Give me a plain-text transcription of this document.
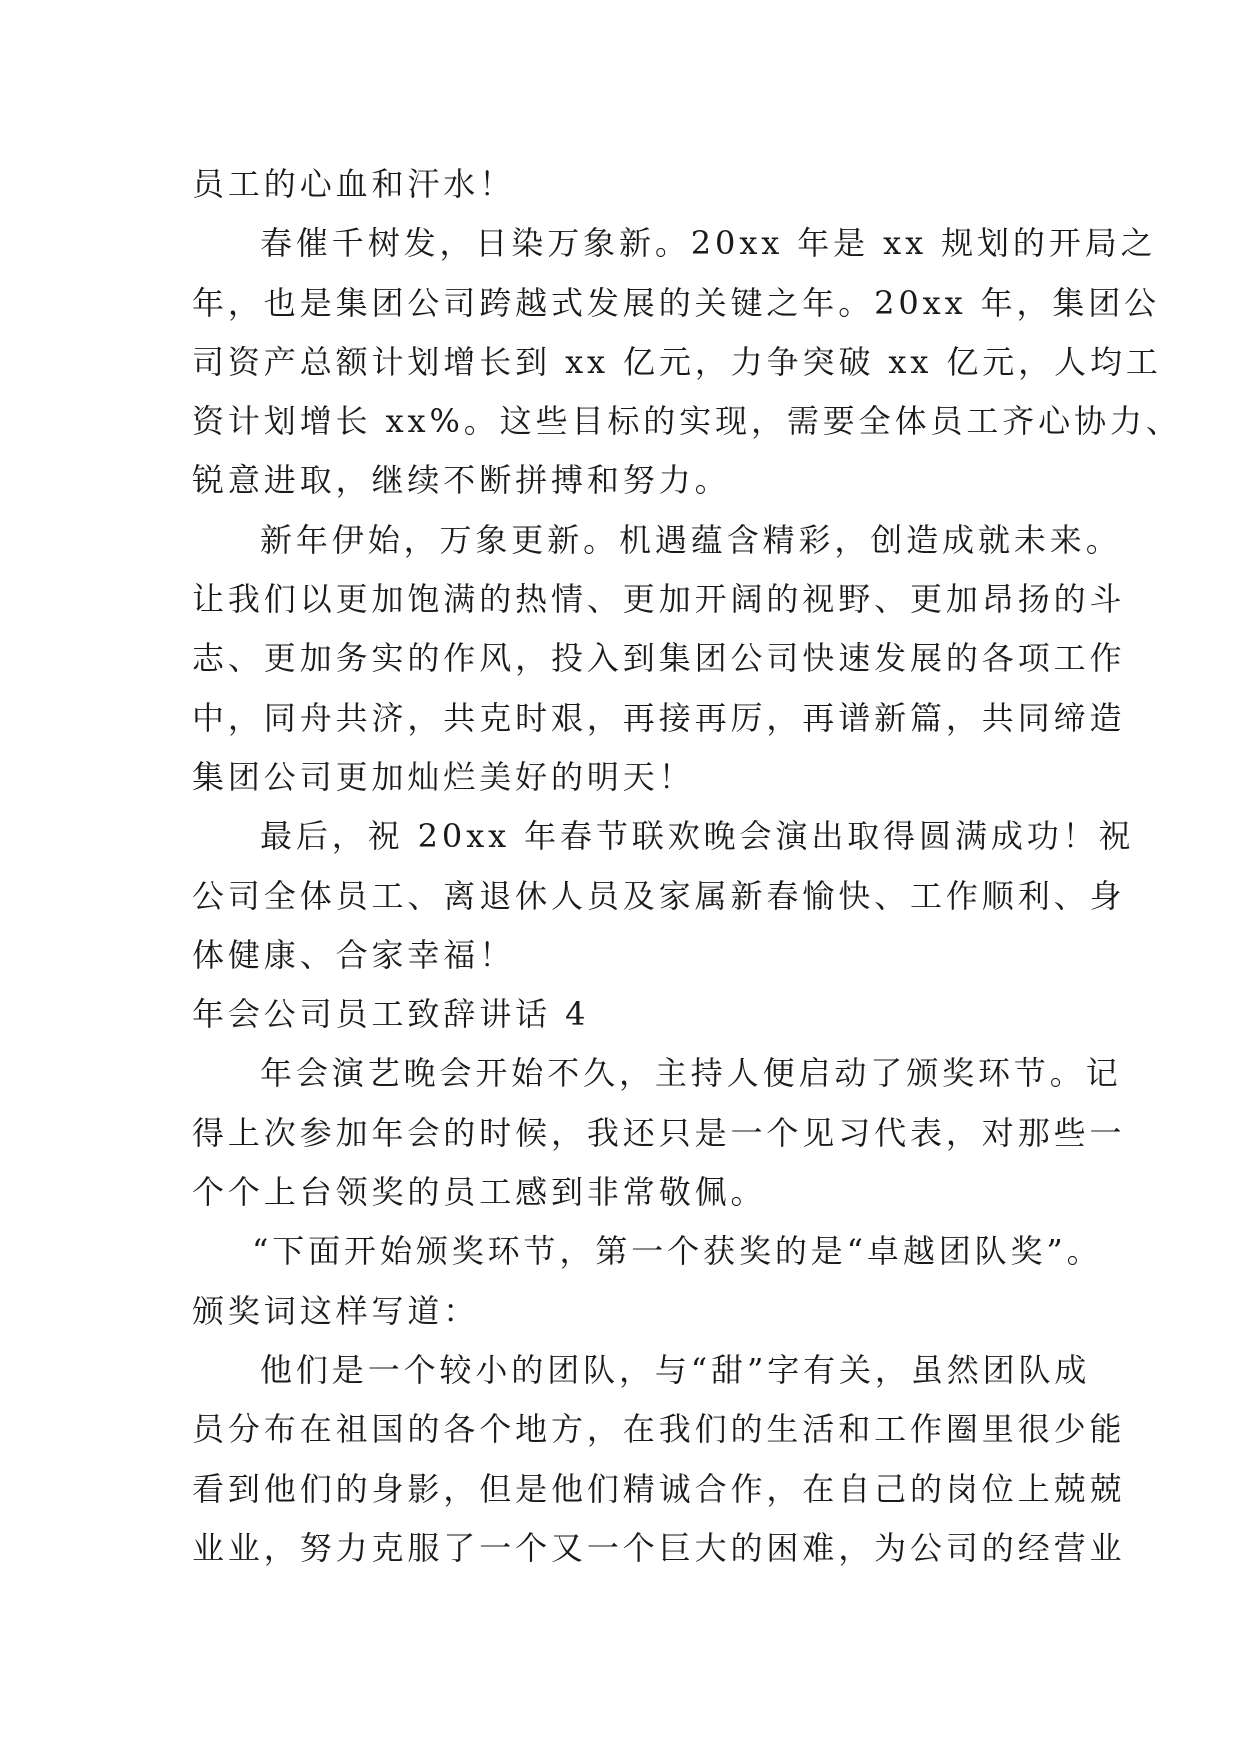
员工的心血和汗水！
春催千树发，日染万象新。20xx 年是 xx 规划的开局之
年，也是集团公司跨越式发展的关键之年。20xx 年，集团公
司资产总额计划增长到 xx 亿元，力争突破 xx 亿元，人均工
资计划增长 xx%。这些目标的实现，需要全体员工齐心协力、
锐意进取，继续不断拼搏和努力。
新年伊始，万象更新。机遇蕴含精彩，创造成就未来。
让我们以更加饱满的热情、更加开阔的视野、更加昂扬的斗
志、更加务实的作风，投入到集团公司快速发展的各项工作
中，同舟共济，共克时艰，再接再厉，再谱新篇，共同缔造
集团公司更加灿烂美好的明天！
最后，祝 20xx 年春节联欢晚会演出取得圆满成功！祝
公司全体员工、离退休人员及家属新春愉快、工作顺利、身
体健康、合家幸福！
年会公司员工致辞讲话 4
年会演艺晚会开始不久，主持人便启动了颁奖环节。记
得上次参加年会的时候，我还只是一个见习代表，对那些一
个个上台领奖的员工感到非常敬佩。
“下面开始颁奖环节，第一个获奖的是“卓越团队奖”。
颁奖词这样写道：
他们是一个较小的团队，与“甜”字有关，虽然团队成
员分布在祖国的各个地方，在我们的生活和工作圈里很少能
看到他们的身影，但是他们精诚合作，在自己的岗位上兢兢
业业，努力克服了一个又一个巨大的困难，为公司的经营业
